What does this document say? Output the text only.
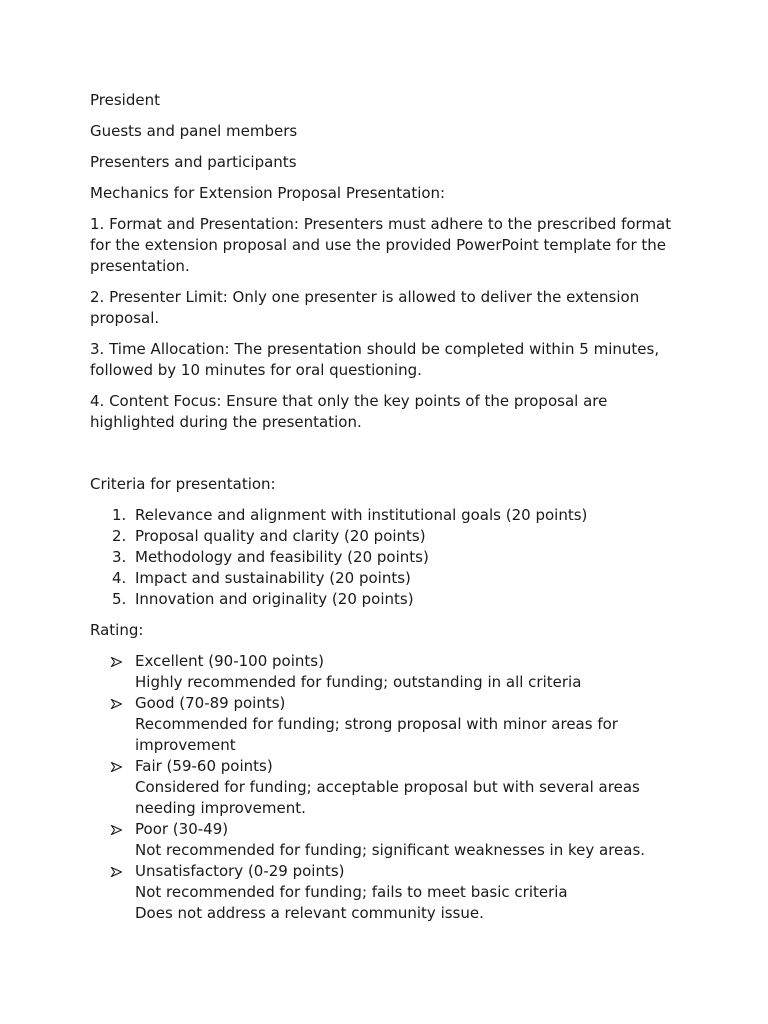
President

Guests and panel members

Presenters and participants

Mechanics for Extension Proposal Presentation:

1. Format and Presentation: Presenters must adhere to the prescribed format for the extension proposal and use the provided PowerPoint template for the presentation.

2. Presenter Limit: Only one presenter is allowed to deliver the extension proposal.

3. Time Allocation: The presentation should be completed within 5 minutes, followed by 10 minutes for oral questioning.

4. Content Focus: Ensure that only the key points of the proposal are highlighted during the presentation.

Criteria for presentation:

1. Relevance and alignment with institutional goals (20 points)
2. Proposal quality and clarity (20 points)
3. Methodology and feasibility (20 points)
4. Impact and sustainability (20 points)
5. Innovation and originality (20 points)

Rating:

Excellent (90-100 points)
Highly recommended for funding; outstanding in all criteria
Good (70-89 points)
Recommended for funding; strong proposal with minor areas for improvement
Fair (59-60 points)
Considered for funding; acceptable proposal but with several areas needing improvement.
Poor (30-49)
Not recommended for funding; significant weaknesses in key areas.
Unsatisfactory (0-29 points)
Not recommended for funding; fails to meet basic criteria
Does not address a relevant community issue.
